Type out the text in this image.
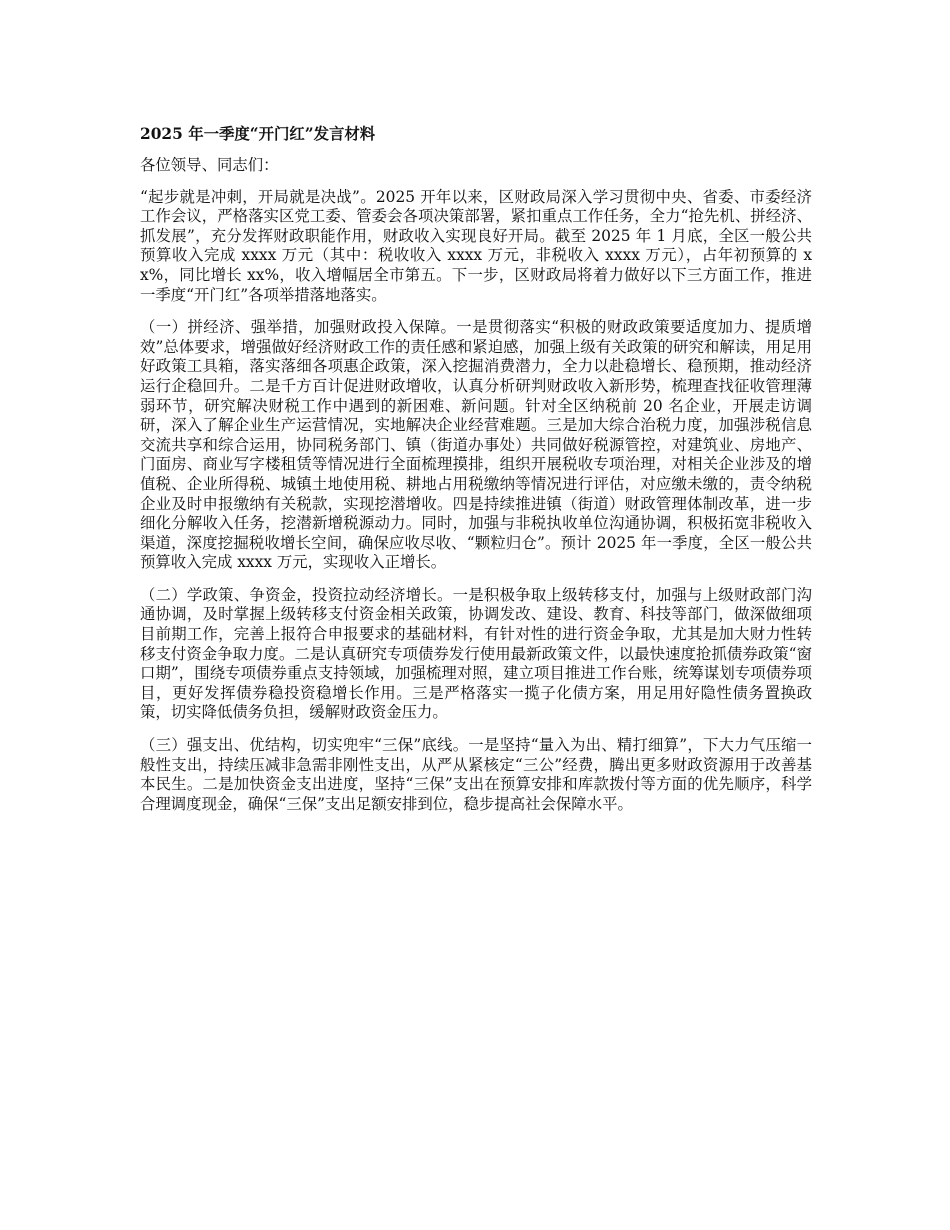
2025 年一季度“开门红”发言材料
各位领导、同志们：
“起步就是冲刺，开局就是决战”。2025 开年以来，区财政局深入学习贯彻中央、省委、市委经济工作会议，严格落实区党工委、管委会各项决策部署，紧扣重点工作任务，全力“抢先机、拼经济、抓发展”，充分发挥财政职能作用，财政收入实现良好开局。截至 2025 年 1 月底，全区一般公共预算收入完成 xxxx 万元（其中：税收收入 xxxx 万元，非税收入 xxxx 万元），占年初预算的 xx%，同比增长 xx%，收入增幅居全市第五。下一步，区财政局将着力做好以下三方面工作，推进一季度“开门红”各项举措落地落实。
（一）拼经济、强举措，加强财政投入保障。一是贯彻落实“积极的财政政策要适度加力、提质增效”总体要求，增强做好经济财政工作的责任感和紧迫感，加强上级有关政策的研究和解读，用足用好政策工具箱，落实落细各项惠企政策，深入挖掘消费潜力，全力以赴稳增长、稳预期，推动经济运行企稳回升。二是千方百计促进财政增收，认真分析研判财政收入新形势，梳理查找征收管理薄弱环节，研究解决财税工作中遇到的新困难、新问题。针对全区纳税前 20 名企业，开展走访调研，深入了解企业生产运营情况，实地解决企业经营难题。三是加大综合治税力度，加强涉税信息交流共享和综合运用，协同税务部门、镇（街道办事处）共同做好税源管控，对建筑业、房地产、门面房、商业写字楼租赁等情况进行全面梳理摸排，组织开展税收专项治理，对相关企业涉及的增值税、企业所得税、城镇土地使用税、耕地占用税缴纳等情况进行评估，对应缴未缴的，责令纳税企业及时申报缴纳有关税款，实现挖潜增收。四是持续推进镇（街道）财政管理体制改革，进一步细化分解收入任务，挖潜新增税源动力。同时，加强与非税执收单位沟通协调，积极拓宽非税收入渠道，深度挖掘税收增长空间，确保应收尽收、“颗粒归仓”。预计 2025 年一季度，全区一般公共预算收入完成 xxxx 万元，实现收入正增长。
（二）学政策、争资金，投资拉动经济增长。一是积极争取上级转移支付，加强与上级财政部门沟通协调，及时掌握上级转移支付资金相关政策，协调发改、建设、教育、科技等部门，做深做细项目前期工作，完善上报符合申报要求的基础材料，有针对性的进行资金争取，尤其是加大财力性转移支付资金争取力度。二是认真研究专项债券发行使用最新政策文件，以最快速度抢抓债券政策“窗口期”，围绕专项债券重点支持领域，加强梳理对照，建立项目推进工作台账，统筹谋划专项债券项目，更好发挥债券稳投资稳增长作用。三是严格落实一揽子化债方案，用足用好隐性债务置换政策，切实降低债务负担，缓解财政资金压力。
（三）强支出、优结构，切实兜牢“三保”底线。一是坚持“量入为出、精打细算”，下大力气压缩一般性支出，持续压减非急需非刚性支出，从严从紧核定“三公”经费，腾出更多财政资源用于改善基本民生。二是加快资金支出进度，坚持“三保”支出在预算安排和库款拨付等方面的优先顺序，科学合理调度现金，确保“三保”支出足额安排到位，稳步提高社会保障水平。
